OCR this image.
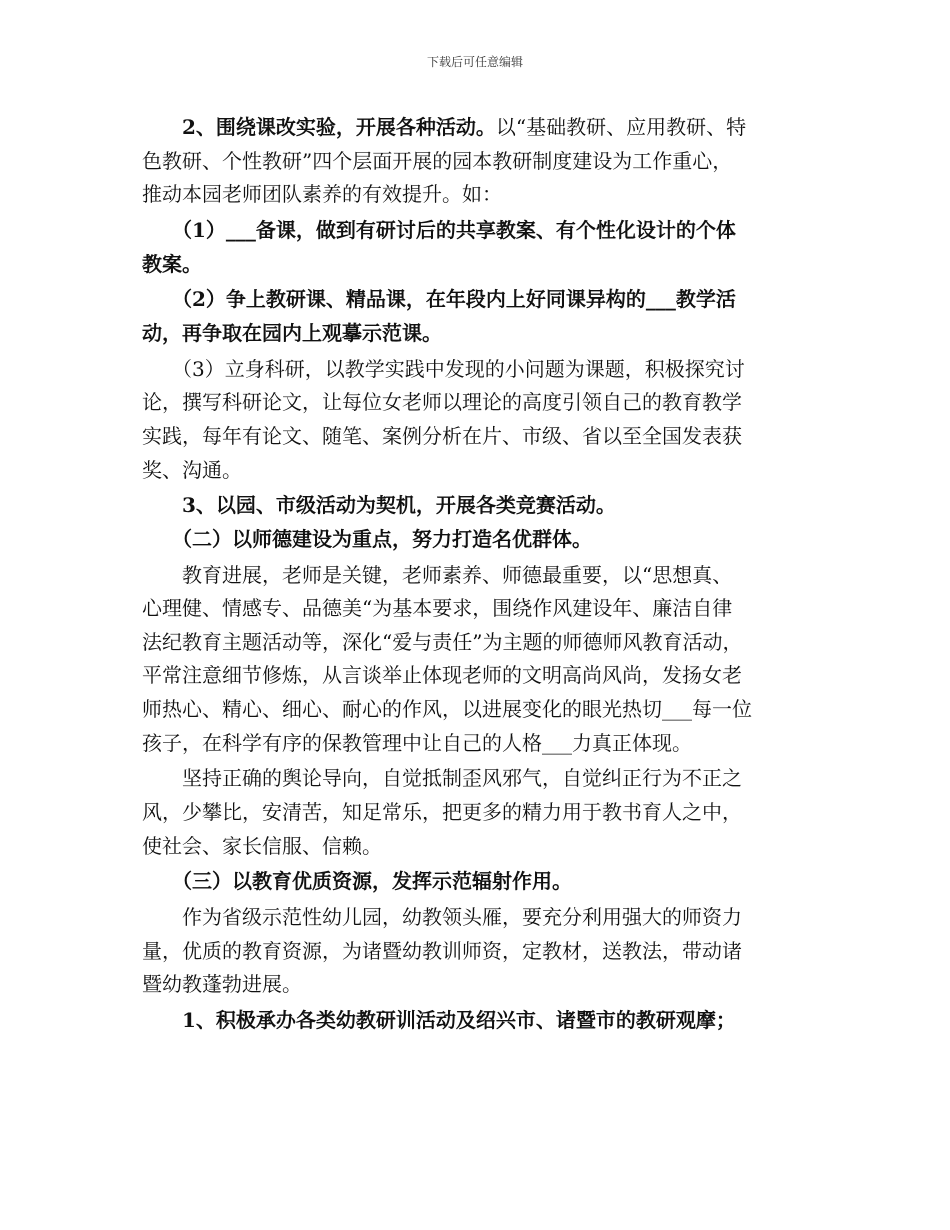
下载后可任意编辑

　　2、围绕课改实验，开展各种活动。以“基础教研、应用教研、特

色教研、个性教研”四个层面开展的园本教研制度建设为工作重心，

推动本园老师团队素养的有效提升。如：

　　（1）___备课，做到有研讨后的共享教案、有个性化设计的个体

教案。

　　（2）争上教研课、精品课，在年段内上好同课异构的___教学活

动，再争取在园内上观摹示范课。

　　（3）立身科研，以教学实践中发现的小问题为课题，积极探究讨

论，撰写科研论文，让每位女老师以理论的高度引领自己的教育教学

实践，每年有论文、随笔、案例分析在片、市级、省以至全国发表获

奖、沟通。

　　3、以园、市级活动为契机，开展各类竞赛活动。

　　（二）以师德建设为重点，努力打造名优群体。

　　教育进展，老师是关键，老师素养、师德最重要，以“思想真、

心理健、情感专、品德美“为基本要求，围绕作风建设年、廉洁自律

法纪教育主题活动等，深化“爱与责任”为主题的师德师风教育活动，

平常注意细节修炼，从言谈举止体现老师的文明高尚风尚，发扬女老

师热心、精心、细心、耐心的作风，以进展变化的眼光热切___每一位

孩子，在科学有序的保教管理中让自己的人格___力真正体现。

　　坚持正确的舆论导向，自觉抵制歪风邪气，自觉纠正行为不正之

风，少攀比，安清苦，知足常乐，把更多的精力用于教书育人之中，

使社会、家长信服、信赖。

　　（三）以教育优质资源，发挥示范辐射作用。

　　作为省级示范性幼儿园，幼教领头雁，要充分利用强大的师资力

量，优质的教育资源，为诸暨幼教训师资，定教材，送教法，带动诸

暨幼教蓬勃进展。

　　1、积极承办各类幼教研训活动及绍兴市、诸暨市的教研观摩；
